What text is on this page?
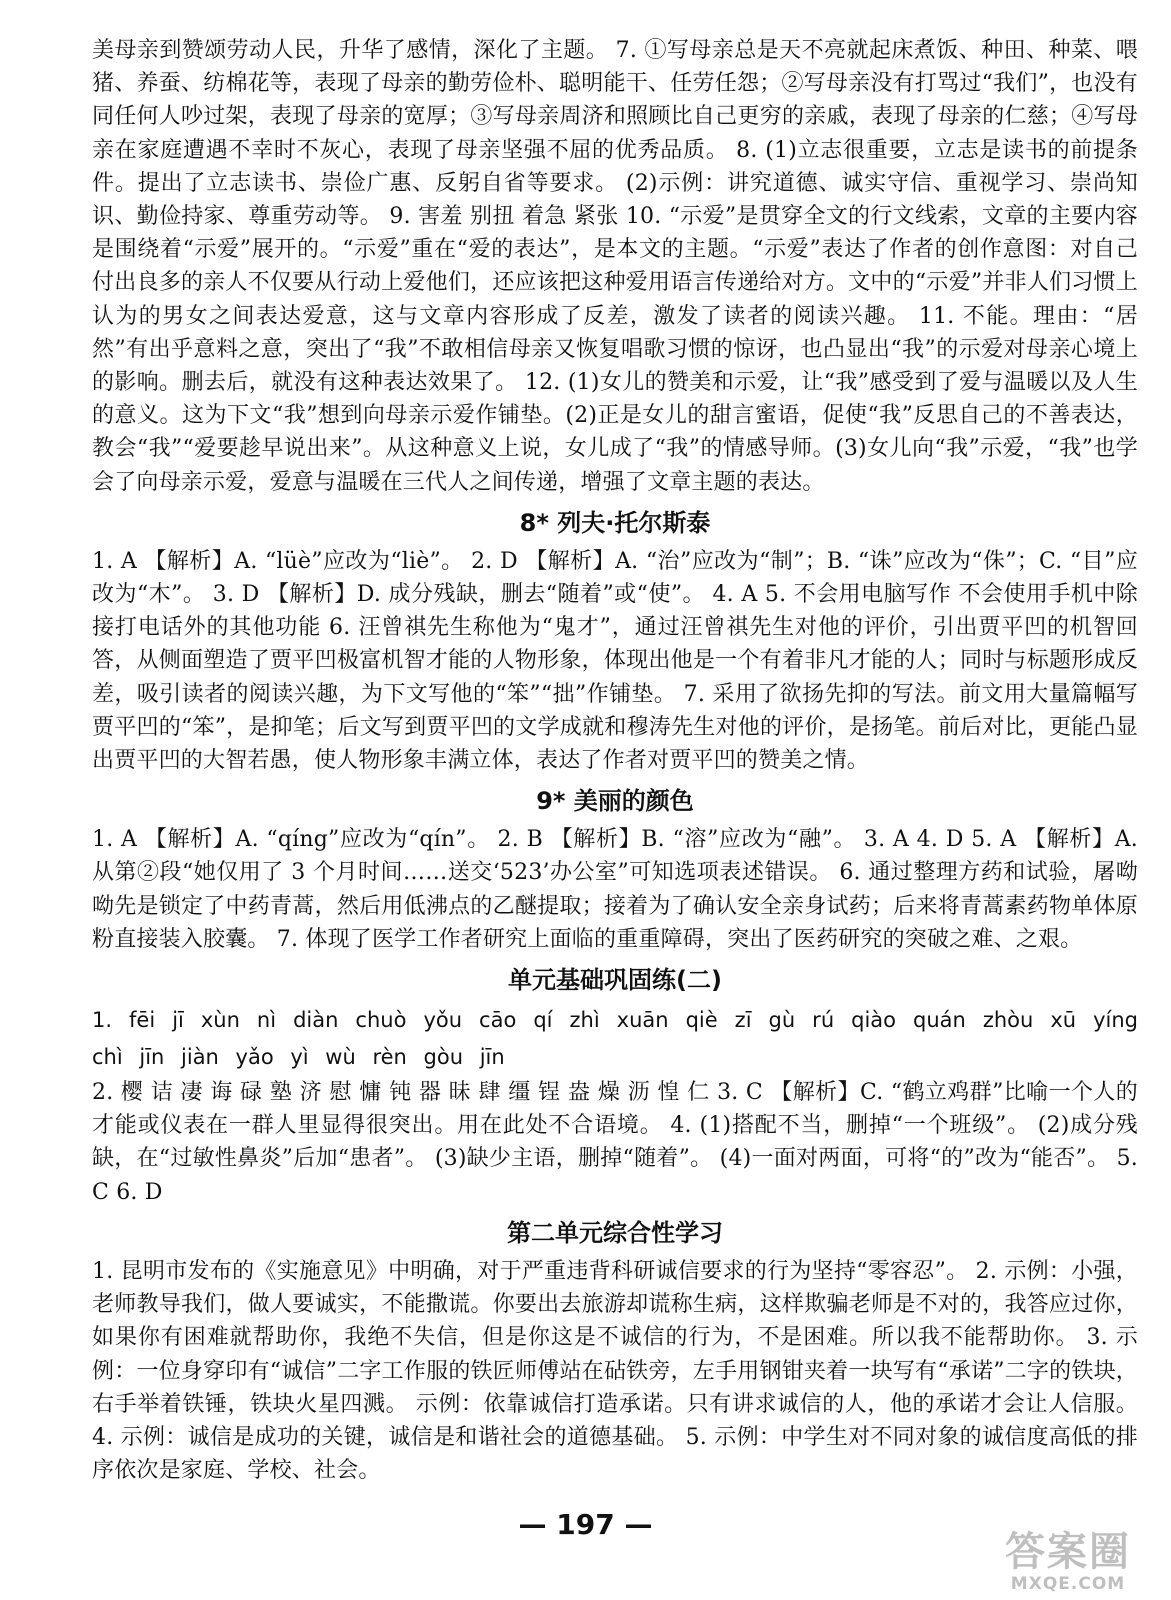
美母亲到赞颂劳动人民，升华了感情，深化了主题。 7. ①写母亲总是天不亮就起床煮饭、种田、种菜、喂猪、养蚕、纺棉花等，表现了母亲的勤劳俭朴、聪明能干、任劳任怨；②写母亲没有打骂过“我们”，也没有同任何人吵过架，表现了母亲的宽厚；③写母亲周济和照顾比自己更穷的亲戚，表现了母亲的仁慈；④写母亲在家庭遭遇不幸时不灰心，表现了母亲坚强不屈的优秀品质。 8. (1)立志很重要，立志是读书的前提条件。提出了立志读书、崇俭广惠、反躬自省等要求。 (2)示例：讲究道德、诚实守信、重视学习、崇尚知识、勤俭持家、尊重劳动等。 9. 害羞 别扭 着急 紧张 10. “示爱”是贯穿全文的行文线索，文章的主要内容是围绕着“示爱”展开的。“示爱”重在“爱的表达”，是本文的主题。“示爱”表达了作者的创作意图：对自己付出良多的亲人不仅要从行动上爱他们，还应该把这种爱用语言传递给对方。文中的“示爱”并非人们习惯上认为的男女之间表达爱意，这与文章内容形成了反差，激发了读者的阅读兴趣。 11. 不能。理由：“居然”有出乎意料之意，突出了“我”不敢相信母亲又恢复唱歌习惯的惊讶，也凸显出“我”的示爱对母亲心境上的影响。删去后，就没有这种表达效果了。 12. (1)女儿的赞美和示爱，让“我”感受到了爱与温暖以及人生的意义。这为下文“我”想到向母亲示爱作铺垫。(2)正是女儿的甜言蜜语，促使“我”反思自己的不善表达，教会“我”“爱要趁早说出来”。从这种意义上说，女儿成了“我”的情感导师。(3)女儿向“我”示爱，“我”也学会了向母亲示爱，爱意与温暖在三代人之间传递，增强了文章主题的表达。

8* 列夫·托尔斯泰

1. A 【解析】A. “lüè”应改为“liè”。 2. D 【解析】A. “治”应改为“制”；B. “诛”应改为“侏”；C. “目”应改为“木”。 3. D 【解析】D. 成分残缺，删去“随着”或“使”。 4. A 5. 不会用电脑写作 不会使用手机中除接打电话外的其他功能 6. 汪曾祺先生称他为“鬼才”，通过汪曾祺先生对他的评价，引出贾平凹的机智回答，从侧面塑造了贾平凹极富机智才能的人物形象，体现出他是一个有着非凡才能的人；同时与标题形成反差，吸引读者的阅读兴趣，为下文写他的“笨”“拙”作铺垫。 7. 采用了欲扬先抑的写法。前文用大量篇幅写贾平凹的“笨”，是抑笔；后文写到贾平凹的文学成就和穆涛先生对他的评价，是扬笔。前后对比，更能凸显出贾平凹的大智若愚，使人物形象丰满立体，表达了作者对贾平凹的赞美之情。

9* 美丽的颜色

1. A 【解析】A. “qíng”应改为“qín”。 2. B 【解析】B. “溶”应改为“融”。 3. A 4. D 5. A 【解析】A. 从第②段“她仅用了 3 个月时间……送交‘523’办公室”可知选项表述错误。 6. 通过整理方药和试验，屠呦呦先是锁定了中药青蒿，然后用低沸点的乙醚提取；接着为了确认安全亲身试药；后来将青蒿素药物单体原粉直接装入胶囊。 7. 体现了医学工作者研究上面临的重重障碍，突出了医药研究的突破之难、之艰。

单元基础巩固练(二)

1. fēi jī xùn nì diàn chuò yǒu cāo qí zhì xuān qiè zī gù rú qiào quán zhòu xū yíng chì jīn jiàn yǎo yì wù rèn gòu jīn

2. 樱 诘 凄 诲 碌 塾 济 慰 慵 钝 器 昧 肆 缰 锃 盎 燥 沥 惶 仁 3. C 【解析】C. “鹤立鸡群”比喻一个人的才能或仪表在一群人里显得很突出。用在此处不合语境。 4. (1)搭配不当，删掉“一个班级”。 (2)成分残缺，在“过敏性鼻炎”后加“患者”。 (3)缺少主语，删掉“随着”。 (4)一面对两面，可将“的”改为“能否”。 5. C 6. D

第二单元综合性学习

1. 昆明市发布的《实施意见》中明确，对于严重违背科研诚信要求的行为坚持“零容忍”。 2. 示例：小强，老师教导我们，做人要诚实，不能撒谎。你要出去旅游却谎称生病，这样欺骗老师是不对的，我答应过你，如果你有困难就帮助你，我绝不失信，但是你这是不诚信的行为，不是困难。所以我不能帮助你。 3. 示例：一位身穿印有“诚信”二字工作服的铁匠师傅站在砧铁旁，左手用钢钳夹着一块写有“承诺”二字的铁块，右手举着铁锤，铁块火星四溅。 示例：依靠诚信打造承诺。只有讲求诚信的人，他的承诺才会让人信服。 4. 示例：诚信是成功的关键，诚信是和谐社会的道德基础。 5. 示例：中学生对不同对象的诚信度高低的排序依次是家庭、学校、社会。

— 197 —
答案圈
MXQE.COM
